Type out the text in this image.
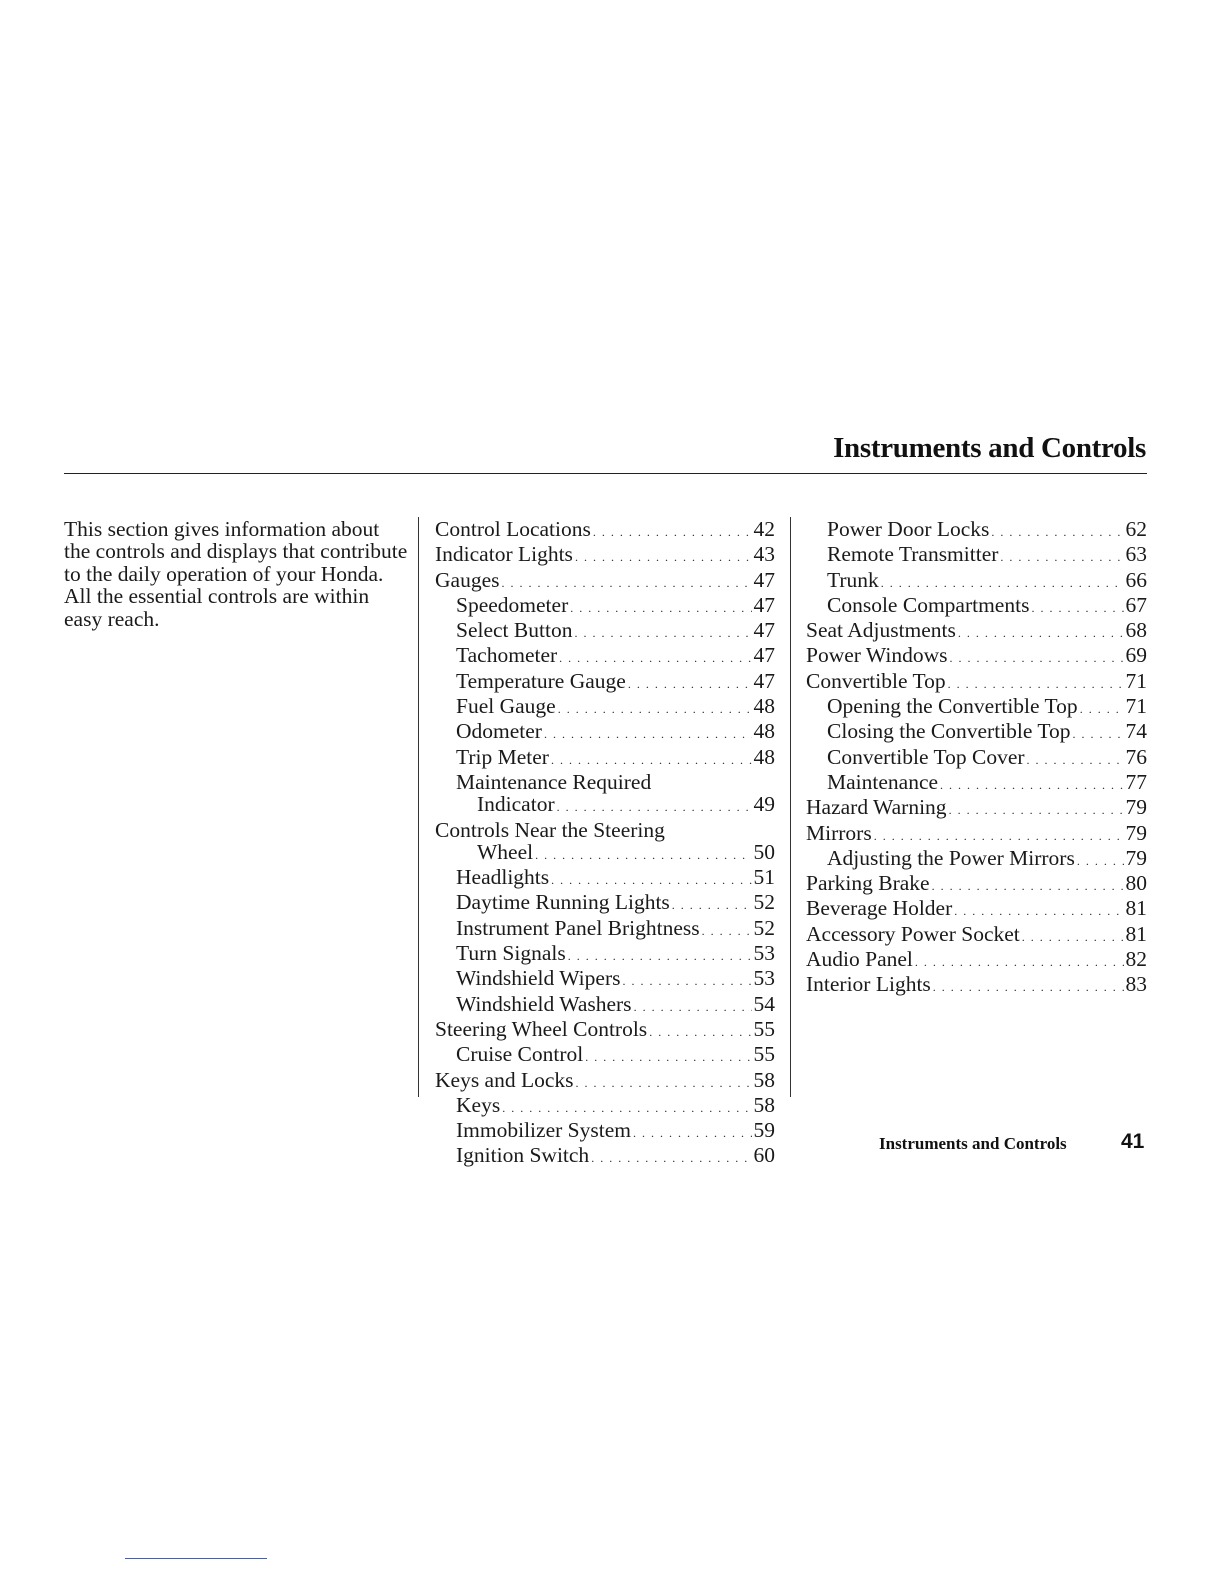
Instruments and Controls

This section gives information about the controls and displays that contribute to the daily operation of your Honda. All the essential controls are within easy reach.

Control Locations . . .	42
Indicator Lights . . .	43
Gauges . . .	47
Speedometer . . .	47
Select Button . . .	47
Tachometer . . .	47
Temperature Gauge . . .	47
Fuel Gauge . . .	48
Odometer . . .	48
Trip Meter . . .	48
Maintenance Required
Indicator . . .	49
Controls Near the Steering
Wheel . . .	50
Headlights . . .	51
Daytime Running Lights . . .	52
Instrument Panel Brightness . . .	52
Turn Signals . . .	53
Windshield Wipers . . .	53
Windshield Washers . . .	54
Steering Wheel Controls . . .	55
Cruise Control . . .	55
Keys and Locks . . .	58
Keys . . .	58
Immobilizer System . . .	59
Ignition Switch . . .	60
Power Door Locks . . .	62
Remote Transmitter . . .	63
Trunk . . .	66
Console Compartments . . .	67
Seat Adjustments . . .	68
Power Windows . . .	69
Convertible Top . . .	71
Opening the Convertible Top . . . 71
Closing the Convertible Top . . .	74
Convertible Top Cover . . .	76
Maintenance . . .	77
Hazard Warning . . .	79
Mirrors . . .	79
Adjusting the Power Mirrors . . . 79
Parking Brake . . .	80
Beverage Holder . . .	81
Accessory Power Socket . . .	81
Audio Panel . . .	82
Interior Lights . . .	83
Instruments and Controls	41
